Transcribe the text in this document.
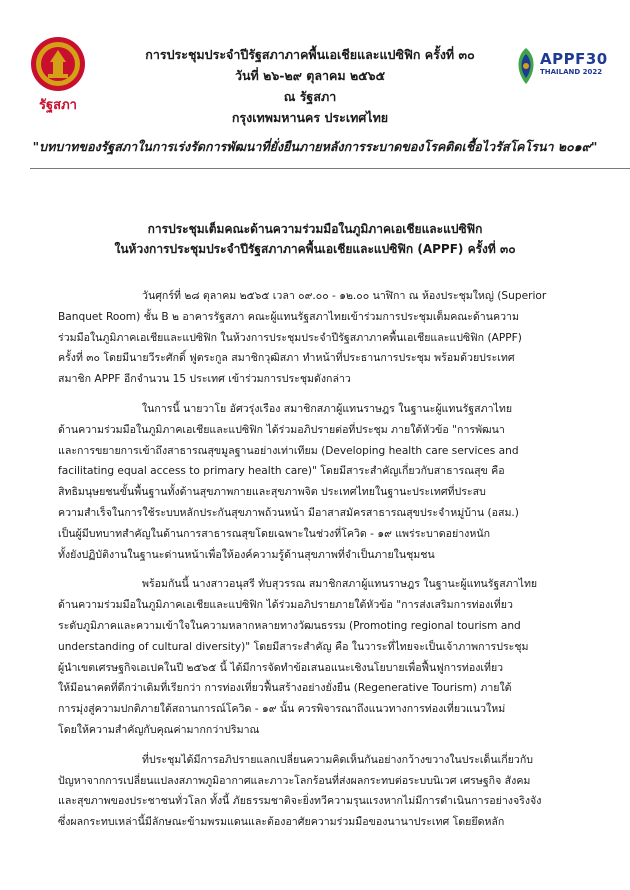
รัฐสภา
APPF30
THAILAND 2022
การประชุมประจำปีรัฐสภาภาคพื้นเอเชียและแปซิฟิก ครั้งที่ ๓๐
วันที่ ๒๖-๒๙ ตุลาคม ๒๕๖๕
ณ รัฐสภา
กรุงเทพมหานคร ประเทศไทย
"บทบาทของรัฐสภาในการเร่งรัดการพัฒนาที่ยั่งยืนภายหลังการระบาดของโรคติดเชื้อไวรัสโคโรนา ๒๐๑๙"
การประชุมเต็มคณะด้านความร่วมมือในภูมิภาคเอเชียและแปซิฟิก
ในห้วงการประชุมประจำปีรัฐสภาภาคพื้นเอเชียและแปซิฟิก (APPF) ครั้งที่ ๓๐
วันศุกร์ที่ ๒๘ ตุลาคม ๒๕๖๕ เวลา ๐๙.๐๐ - ๑๒.๐๐ นาฬิกา ณ ห้องประชุมใหญ่ (Superior
Banquet Room) ชั้น B ๒ อาคารรัฐสภา คณะผู้แทนรัฐสภาไทยเข้าร่วมการประชุมเต็มคณะด้านความ
ร่วมมือในภูมิภาคเอเชียและแปซิฟิก ในห้วงการประชุมประจำปีรัฐสภาภาคพื้นเอเชียและแปซิฟิก (APPF)
ครั้งที่ ๓๐ โดยมีนายวีระศักดิ์ ฟูตระกูล สมาชิกวุฒิสภา ทำหน้าที่ประธานการประชุม พร้อมด้วยประเทศ
สมาชิก APPF อีกจำนวน 15 ประเทศ เข้าร่วมการประชุมดังกล่าว
ในการนี้ นายวาโย อัศวรุ่งเรือง สมาชิกสภาผู้แทนราษฎร ในฐานะผู้แทนรัฐสภาไทย
ด้านความร่วมมือในภูมิภาคเอเชียและแปซิฟิก ได้ร่วมอภิปรายต่อที่ประชุม ภายใต้หัวข้อ "การพัฒนา
และการขยายการเข้าถึงสาธารณสุขมูลฐานอย่างเท่าเทียม (Developing health care services and
facilitating equal access to primary health care)" โดยมีสาระสำคัญเกี่ยวกับสาธารณสุข คือ
สิทธิมนุษยชนขั้นพื้นฐานทั้งด้านสุขภาพกายและสุขภาพจิต ประเทศไทยในฐานะประเทศที่ประสบ
ความสำเร็จในการใช้ระบบหลักประกันสุขภาพถ้วนหน้า มีอาสาสมัครสาธารณสุขประจำหมู่บ้าน (อสม.)
เป็นผู้มีบทบาทสำคัญในด้านการสาธารณสุขโดยเฉพาะในช่วงที่โควิด - ๑๙ แพร่ระบาดอย่างหนัก
ทั้งยังปฏิบัติงานในฐานะด่านหน้าเพื่อให้องค์ความรู้ด้านสุขภาพที่จำเป็นภายในชุมชน
พร้อมกันนี้ นางสาวอนุสรี ทับสุวรรณ สมาชิกสภาผู้แทนราษฎร ในฐานะผู้แทนรัฐสภาไทย
ด้านความร่วมมือในภูมิภาคเอเชียและแปซิฟิก ได้ร่วมอภิปรายภายใต้หัวข้อ "การส่งเสริมการท่องเที่ยว
ระดับภูมิภาคและความเข้าใจในความหลากหลายทางวัฒนธรรม (Promoting regional tourism and
understanding of cultural diversity)" โดยมีสาระสำคัญ คือ ในวาระที่ไทยจะเป็นเจ้าภาพการประชุม
ผู้นำเขตเศรษฐกิจเอเปคในปี ๒๕๖๕ นี้ ได้มีการจัดทำข้อเสนอแนะเชิงนโยบายเพื่อฟื้นฟูการท่องเที่ยว
ให้มีอนาคตที่ดีกว่าเดิมที่เรียกว่า การท่องเที่ยวฟื้นสร้างอย่างยั่งยืน (Regenerative Tourism) ภายใต้
การมุ่งสู่ความปกติภายใต้สถานการณ์โควิด - ๑๙ นั้น ควรพิจารณาถึงแนวทางการท่องเที่ยวแนวใหม่
โดยให้ความสำคัญกับคุณค่ามากกว่าปริมาณ
ที่ประชุมได้มีการอภิปรายแลกเปลี่ยนความคิดเห็นกันอย่างกว้างขวางในประเด็นเกี่ยวกับ
ปัญหาจากการเปลี่ยนแปลงสภาพภูมิอากาศและภาวะโลกร้อนที่ส่งผลกระทบต่อระบบนิเวศ เศรษฐกิจ สังคม
และสุขภาพของประชาชนทั่วโลก ทั้งนี้ ภัยธรรมชาติจะยิ่งทวีความรุนแรงหากไม่มีการดำเนินการอย่างจริงจัง
ซึ่งผลกระทบเหล่านี้มีลักษณะข้ามพรมแดนและต้องอาศัยความร่วมมือของนานาประเทศ โดยยึดหลัก
